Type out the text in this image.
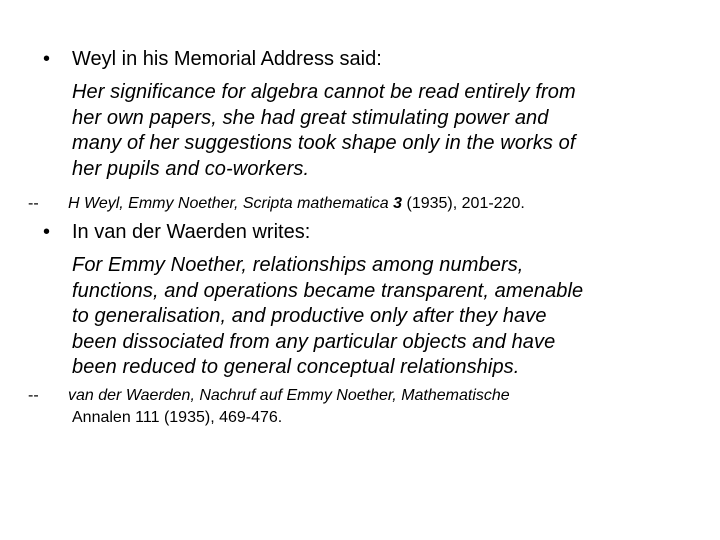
• Weyl in his Memorial Address said:
Her significance for algebra cannot be read entirely from
her own papers, she had great stimulating power and
many of her suggestions took shape only in the works of
her pupils and co-workers.
-- H Weyl, Emmy Noether, Scripta mathematica 3 (1935), 201-220.
• In van der Waerden writes:
For Emmy Noether, relationships among numbers,
functions, and operations became transparent, amenable
to generalisation, and productive only after they have
been dissociated from any particular objects and have
been reduced to general conceptual relationships.
-- van der Waerden, Nachruf auf Emmy Noether, Mathematische
Annalen 111 (1935), 469-476.
